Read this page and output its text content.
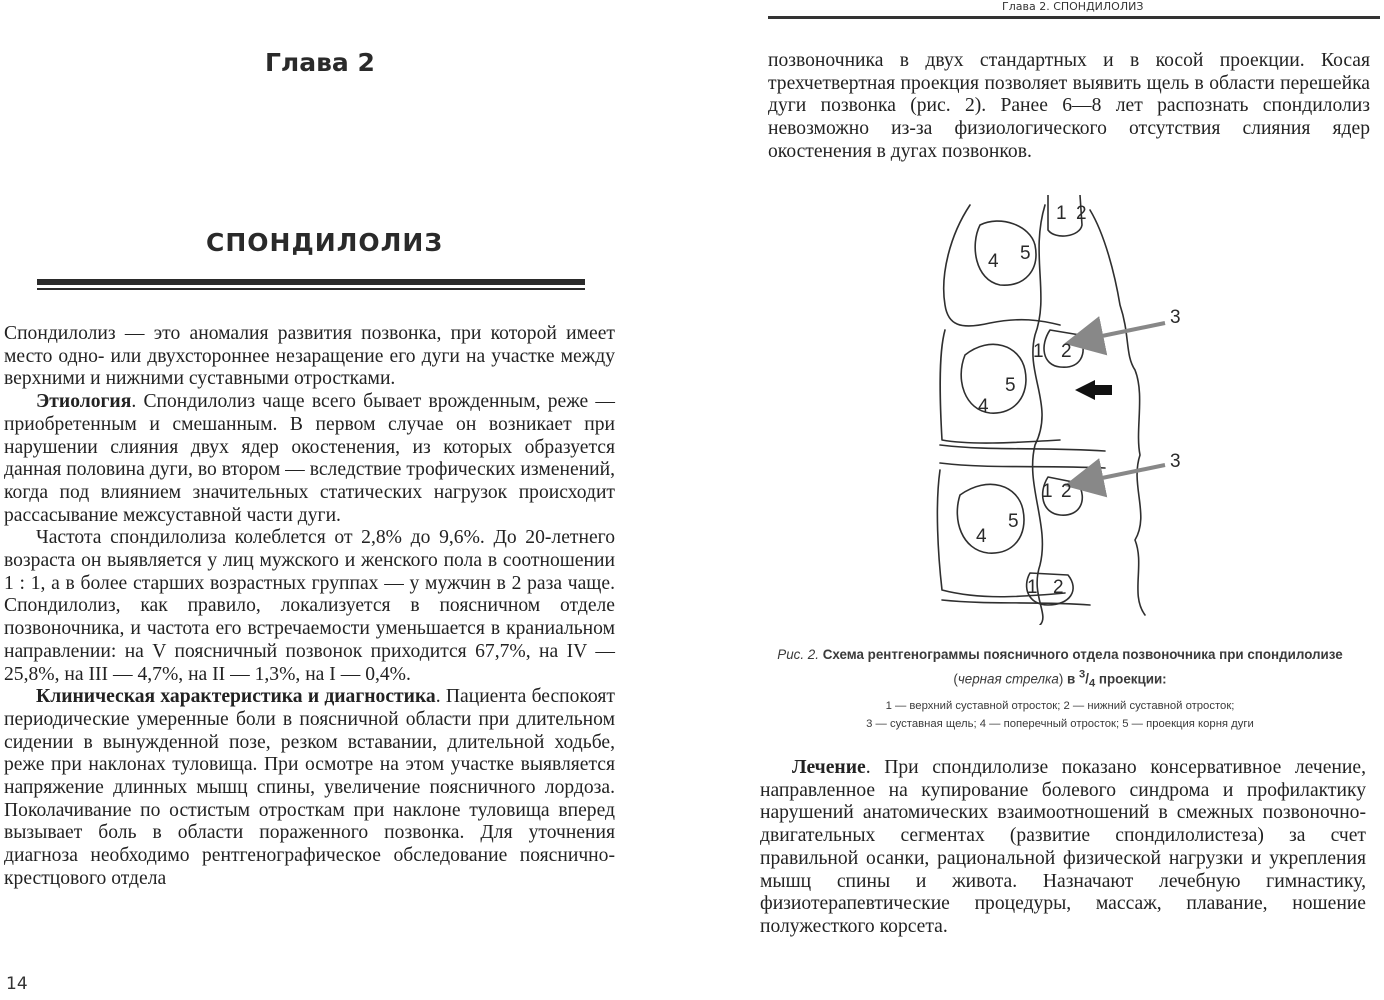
Глава 2
СПОНДИЛОЛИЗ

Спондилолиз — это аномалия развития позвонка, при которой имеет место одно- или двухстороннее незаращение его дуги на участке между верхними и нижними суставными отростками.

Этиология. Спондилолиз чаще всего бывает врожденным, реже — приобретенным и смешанным. В первом случае он возникает при нарушении слияния двух ядер окостенения, из которых образуется данная половина дуги, во втором — вследствие трофических изменений, когда под влиянием значительных статических нагрузок происходит рассасывание межсуставной части дуги.

Частота спондилолиза колеблется от 2,8% до 9,6%. До 20-летнего возраста он выявляется у лиц мужского и женского пола в соотношении 1 : 1, а в более старших возрастных группах — у мужчин в 2 раза чаще. Спондилолиз, как правило, локализуется в поясничном отделе позвоночника, и частота его встречаемости уменьшается в краниальном направлении: на V поясничный позвонок приходится 67,7%, на IV — 25,8%, на III — 4,7%, на II — 1,3%, на I — 0,4%.

Клиническая характеристика и диагностика. Пациента беспокоят периодические умеренные боли в поясничной области при длительном сидении в вынужденной позе, резком вставании, длительной ходьбе, реже при наклонах туловища. При осмотре на этом участке выявляется напряжение длинных мышц спины, увеличение поясничного лордоза. Поколачивание по остистым отросткам при наклоне туловища вперед вызывает боль в области пораженного позвонка. Для уточнения диагноза необходимо рентгенографическое обследование пояснично-крестцового отдела

14
Глава 2. СПОНДИЛОЛИЗ

позвоночника в двух стандартных и в косой проекции. Косая трехчетвертная проекция позволяет выявить щель в области перешейка дуги позвонка (рис. 2). Ранее 6—8 лет распознать спондилолиз невозможно из-за физиологического отсутствия слияния ядер окостенения в дугах позвонков.

1 2
4 5
3
1 2
5
4
3
1 2
5
4
1 2
Рис. 2. Схема рентгенограммы поясничного отдела позвоночника при спондилолизе (черная стрелка) в $^3/_4$ проекции:
1 — верхний суставной отросток; 2 — нижний суставной отросток;
3 — суставная щель; 4 — поперечный отросток; 5 — проекция корня дуги

Лечение. При спондилолизе показано консервативное лечение, направленное на купирование болевого синдрома и профилактику нарушений анатомических взаимоотношений в смежных позвоночно-двигательных сегментах (развитие спондилолистеза) за счет правильной осанки, рациональной физической нагрузки и укрепления мышц спины и живота. Назначают лечебную гимнастику, физиотерапевтические процедуры, массаж, плавание, ношение полужесткого корсета.
